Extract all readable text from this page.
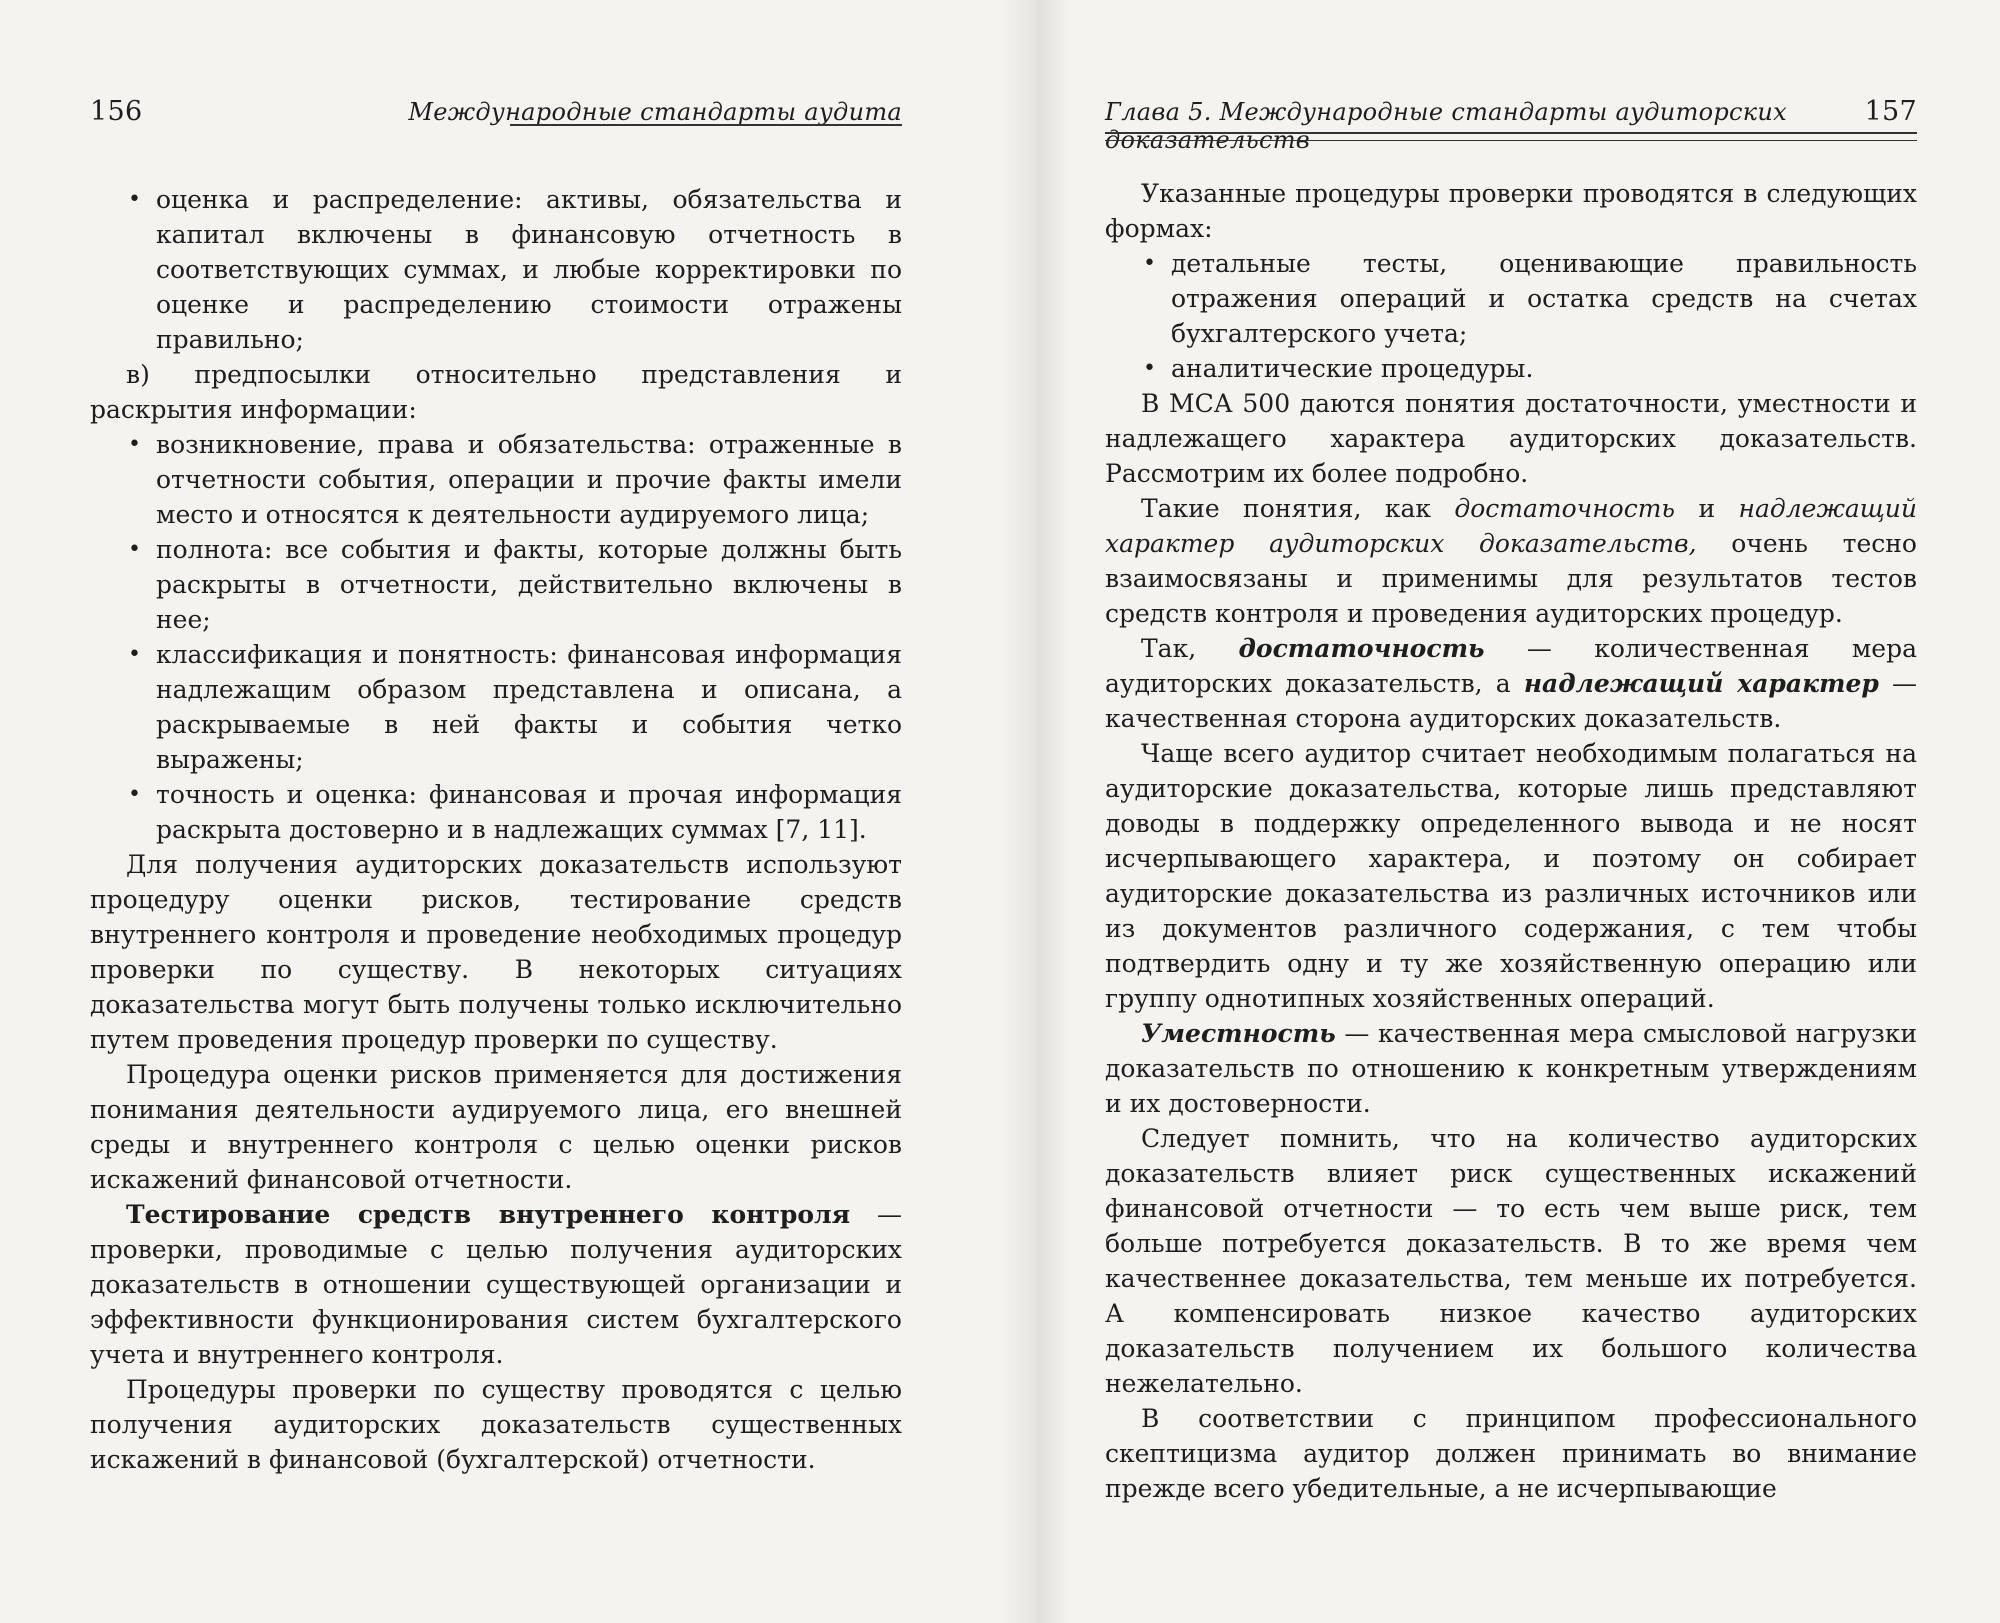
156	Международные стандарты аудита
• оценка и распределение: активы, обязательства и капитал включены в финансовую отчетность в соответствующих суммах, и любые корректировки по оценке и распределению стоимости отражены правильно;

в) предпосылки относительно представления и раскрытия информации:

• возникновение, права и обязательства: отраженные в отчетности события, операции и прочие факты имели место и относятся к деятельности аудируемого лица;
• полнота: все события и факты, которые должны быть раскрыты в отчетности, действительно включены в нее;
• классификация и понятность: финансовая информация надлежащим образом представлена и описана, а раскрываемые в ней факты и события четко выражены;
• точность и оценка: финансовая и прочая информация раскрыта достоверно и в надлежащих суммах [7, 11].

Для получения аудиторских доказательств используют процедуру оценки рисков, тестирование средств внутреннего контроля и проведение необходимых процедур проверки по существу. В некоторых ситуациях доказательства могут быть получены только исключительно путем проведения процедур проверки по существу.

Процедура оценки рисков применяется для достижения понимания деятельности аудируемого лица, его внешней среды и внутреннего контроля с целью оценки рисков искажений финансовой отчетности.

Тестирование средств внутреннего контроля — проверки, проводимые с целью получения аудиторских доказательств в отношении существующей организации и эффективности функционирования систем бухгалтерского учета и внутреннего контроля.

Процедуры проверки по существу проводятся с целью получения аудиторских доказательств существенных искажений в финансовой (бухгалтерской) отчетности.

Глава 5. Международные стандарты аудиторских доказательств
157

Указанные процедуры проверки проводятся в следующих формах:

• детальные тесты, оценивающие правильность отражения операций и остатка средств на счетах бухгалтерского учета;
• аналитические процедуры.

В МСА 500 даются понятия достаточности, уместности и надлежащего характера аудиторских доказательств. Рассмотрим их более подробно.

Такие понятия, как достаточность и надлежащий характер аудиторских доказательств, очень тесно взаимосвязаны и применимы для результатов тестов средств контроля и проведения аудиторских процедур.

Так, достаточность — количественная мера аудиторских доказательств, а надлежащий характер — качественная сторона аудиторских доказательств.

Чаще всего аудитор считает необходимым полагаться на аудиторские доказательства, которые лишь представляют доводы в поддержку определенного вывода и не носят исчерпывающего характера, и поэтому он собирает аудиторские доказательства из различных источников или из документов различного содержания, с тем чтобы подтвердить одну и ту же хозяйственную операцию или группу однотипных хозяйственных операций.

Уместность — качественная мера смысловой нагрузки доказательств по отношению к конкретным утверждениям и их достоверности.

Следует помнить, что на количество аудиторских доказательств влияет риск существенных искажений финансовой отчетности — то есть чем выше риск, тем больше потребуется доказательств. В то же время чем качественнее доказательства, тем меньше их потребуется. А компенсировать низкое качество аудиторских доказательств получением их большого количества нежелательно.

В соответствии с принципом профессионального скептицизма аудитор должен принимать во внимание прежде всего убедительные, а не исчерпывающие
